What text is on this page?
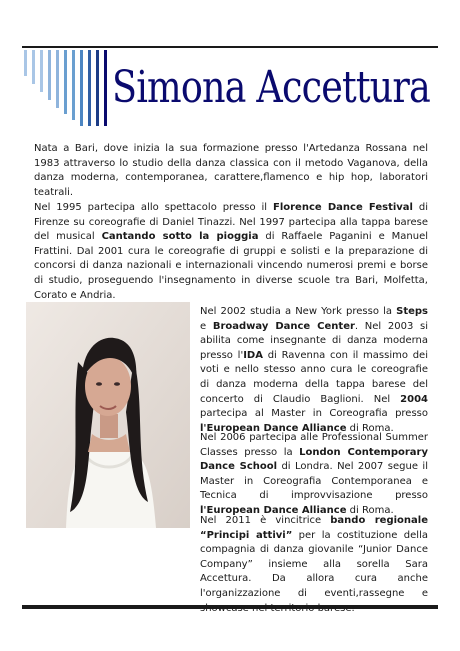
Simona Accettura

Nata a Bari, dove inizia la sua formazione presso l'Artedanza Rossana nel 1983 attraverso lo studio della danza classica con il metodo Vaganova, della danza moderna, contemporanea, carattere,flamenco e hip hop, laboratori teatrali.

Nel 1995 partecipa allo spettacolo presso il Florence Dance Festival di Firenze su coreografie di Daniel Tinazzi. Nel 1997 partecipa alla tappa barese del musical Cantando sotto la pioggia di Raffaele Paganini e Manuel Frattini. Dal 2001 cura le coreografie di gruppi e solisti e la preparazione di concorsi di danza nazionali e internazionali vincendo numerosi premi e borse di studio, proseguendo l'insegnamento in diverse scuole tra Bari, Molfetta, Corato e Andria.

Nel 2002 studia a New York presso la Steps e Broadway Dance Center. Nel 2003 si abilita come insegnante di danza moderna presso l'IDA di Ravenna con il massimo dei voti e nello stesso anno cura le coreografie di danza moderna della tappa barese del concerto di Claudio Baglioni. Nel 2004 partecipa al Master in Coreografia presso l'European Dance Alliance di Roma.

Nel 2006 partecipa alle Professional Summer Classes presso la London Contemporary Dance School di Londra. Nel 2007 segue il Master in Coreografia Contemporanea e Tecnica di improvvisazione presso l'European Dance Alliance di Roma.

Nel 2011 è vincitrice bando regionale “Principi attivi” per la costituzione della compagnia di danza giovanile “Junior Dance Company” insieme alla sorella Sara Accettura. Da allora cura anche l'organizzazione di eventi,rassegne e
